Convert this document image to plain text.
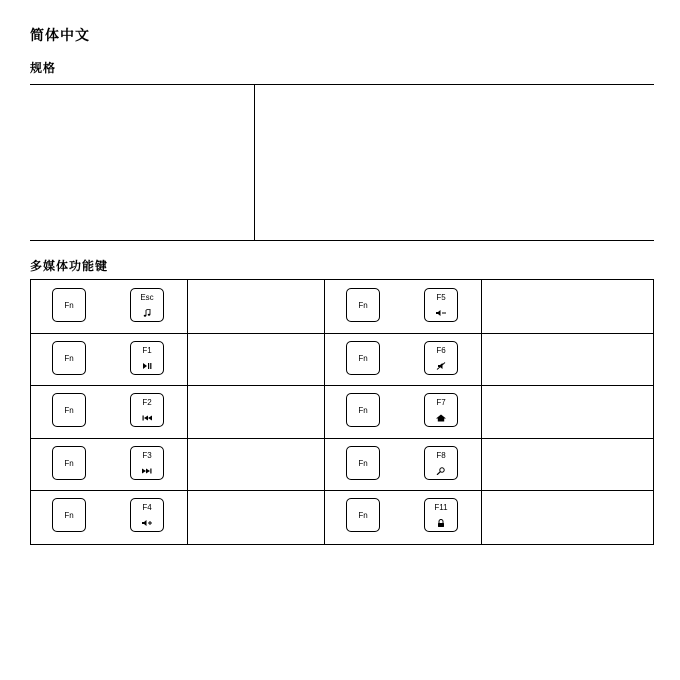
简体中文
规格
多媒体功能键
Fn
Esc
Fn
F5
Fn
F1
Fn
F6
Fn
F2
Fn
F7
Fn
F3
Fn
F8
Fn
F4
Fn
F11
